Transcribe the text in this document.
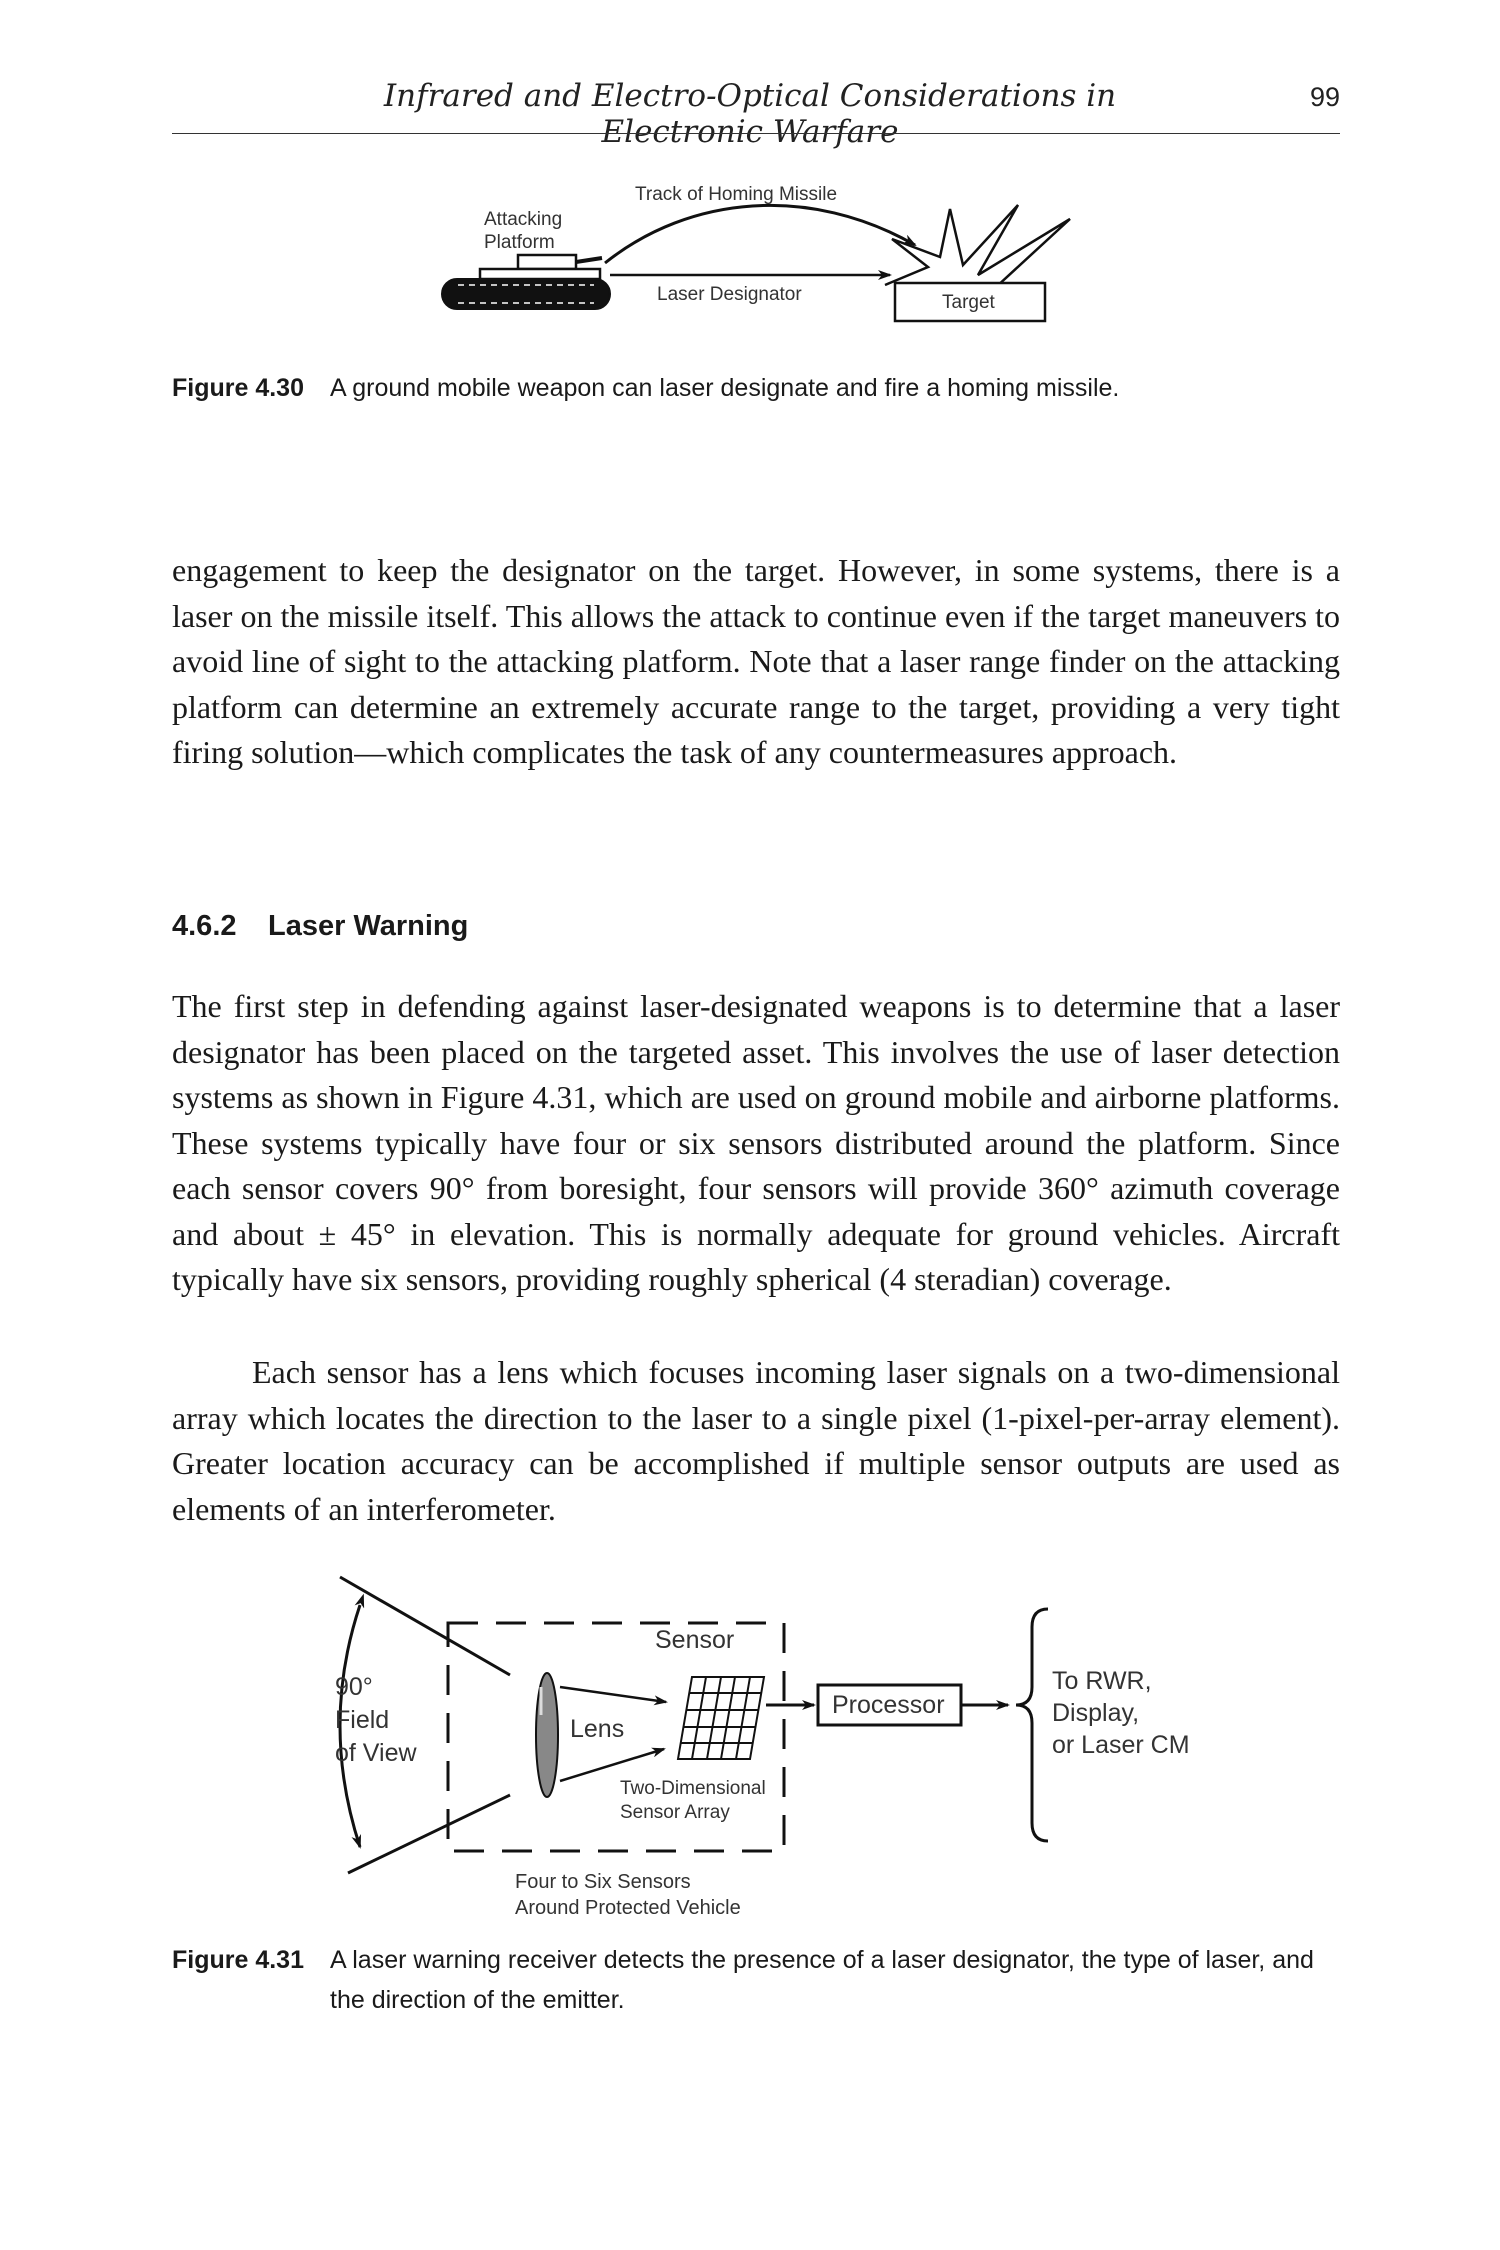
Infrared and Electro-Optical Considerations in Electronic Warfare
99
Attacking
Platform
Track of Homing Missile
Laser Designator	Target
Figure 4.30	A ground mobile weapon can laser designate and fire a homing missile.

engagement to keep the designator on the target. However, in some systems, there is a laser on the missile itself. This allows the attack to continue even if the target maneuvers to avoid line of sight to the attacking platform. Note that a laser range finder on the attacking platform can determine an extremely accurate range to the target, providing a very tight firing solution—which complicates the task of any countermeasures approach.

4.6.2 Laser Warning

The first step in defending against laser-designated weapons is to determine that a laser designator has been placed on the targeted asset. This involves the use of laser detection systems as shown in Figure 4.31, which are used on ground mobile and airborne platforms. These systems typically have four or six sensors distributed around the platform. Since each sensor covers 90° from boresight, four sensors will provide 360° azimuth coverage and about ± 45° in elevation. This is normally adequate for ground vehicles. Aircraft typically have six sensors, providing roughly spherical (4 steradian) coverage.

Each sensor has a lens which focuses incoming laser signals on a two-dimensional array which locates the direction to the laser to a single pixel (1-pixel-per-array element). Greater location accuracy can be accomplished if multiple sensor outputs are used as elements of an interferometer.

90°
Field
of View
Sensor
Lens
Two-Dimensional
Sensor Array
Processor
To RWR,
Display,
or Laser CM
Four to Six Sensors
Around Protected Vehicle
Figure 4.31	A laser warning receiver detects the presence of a laser designator, the type of laser, and the direction of the emitter.
